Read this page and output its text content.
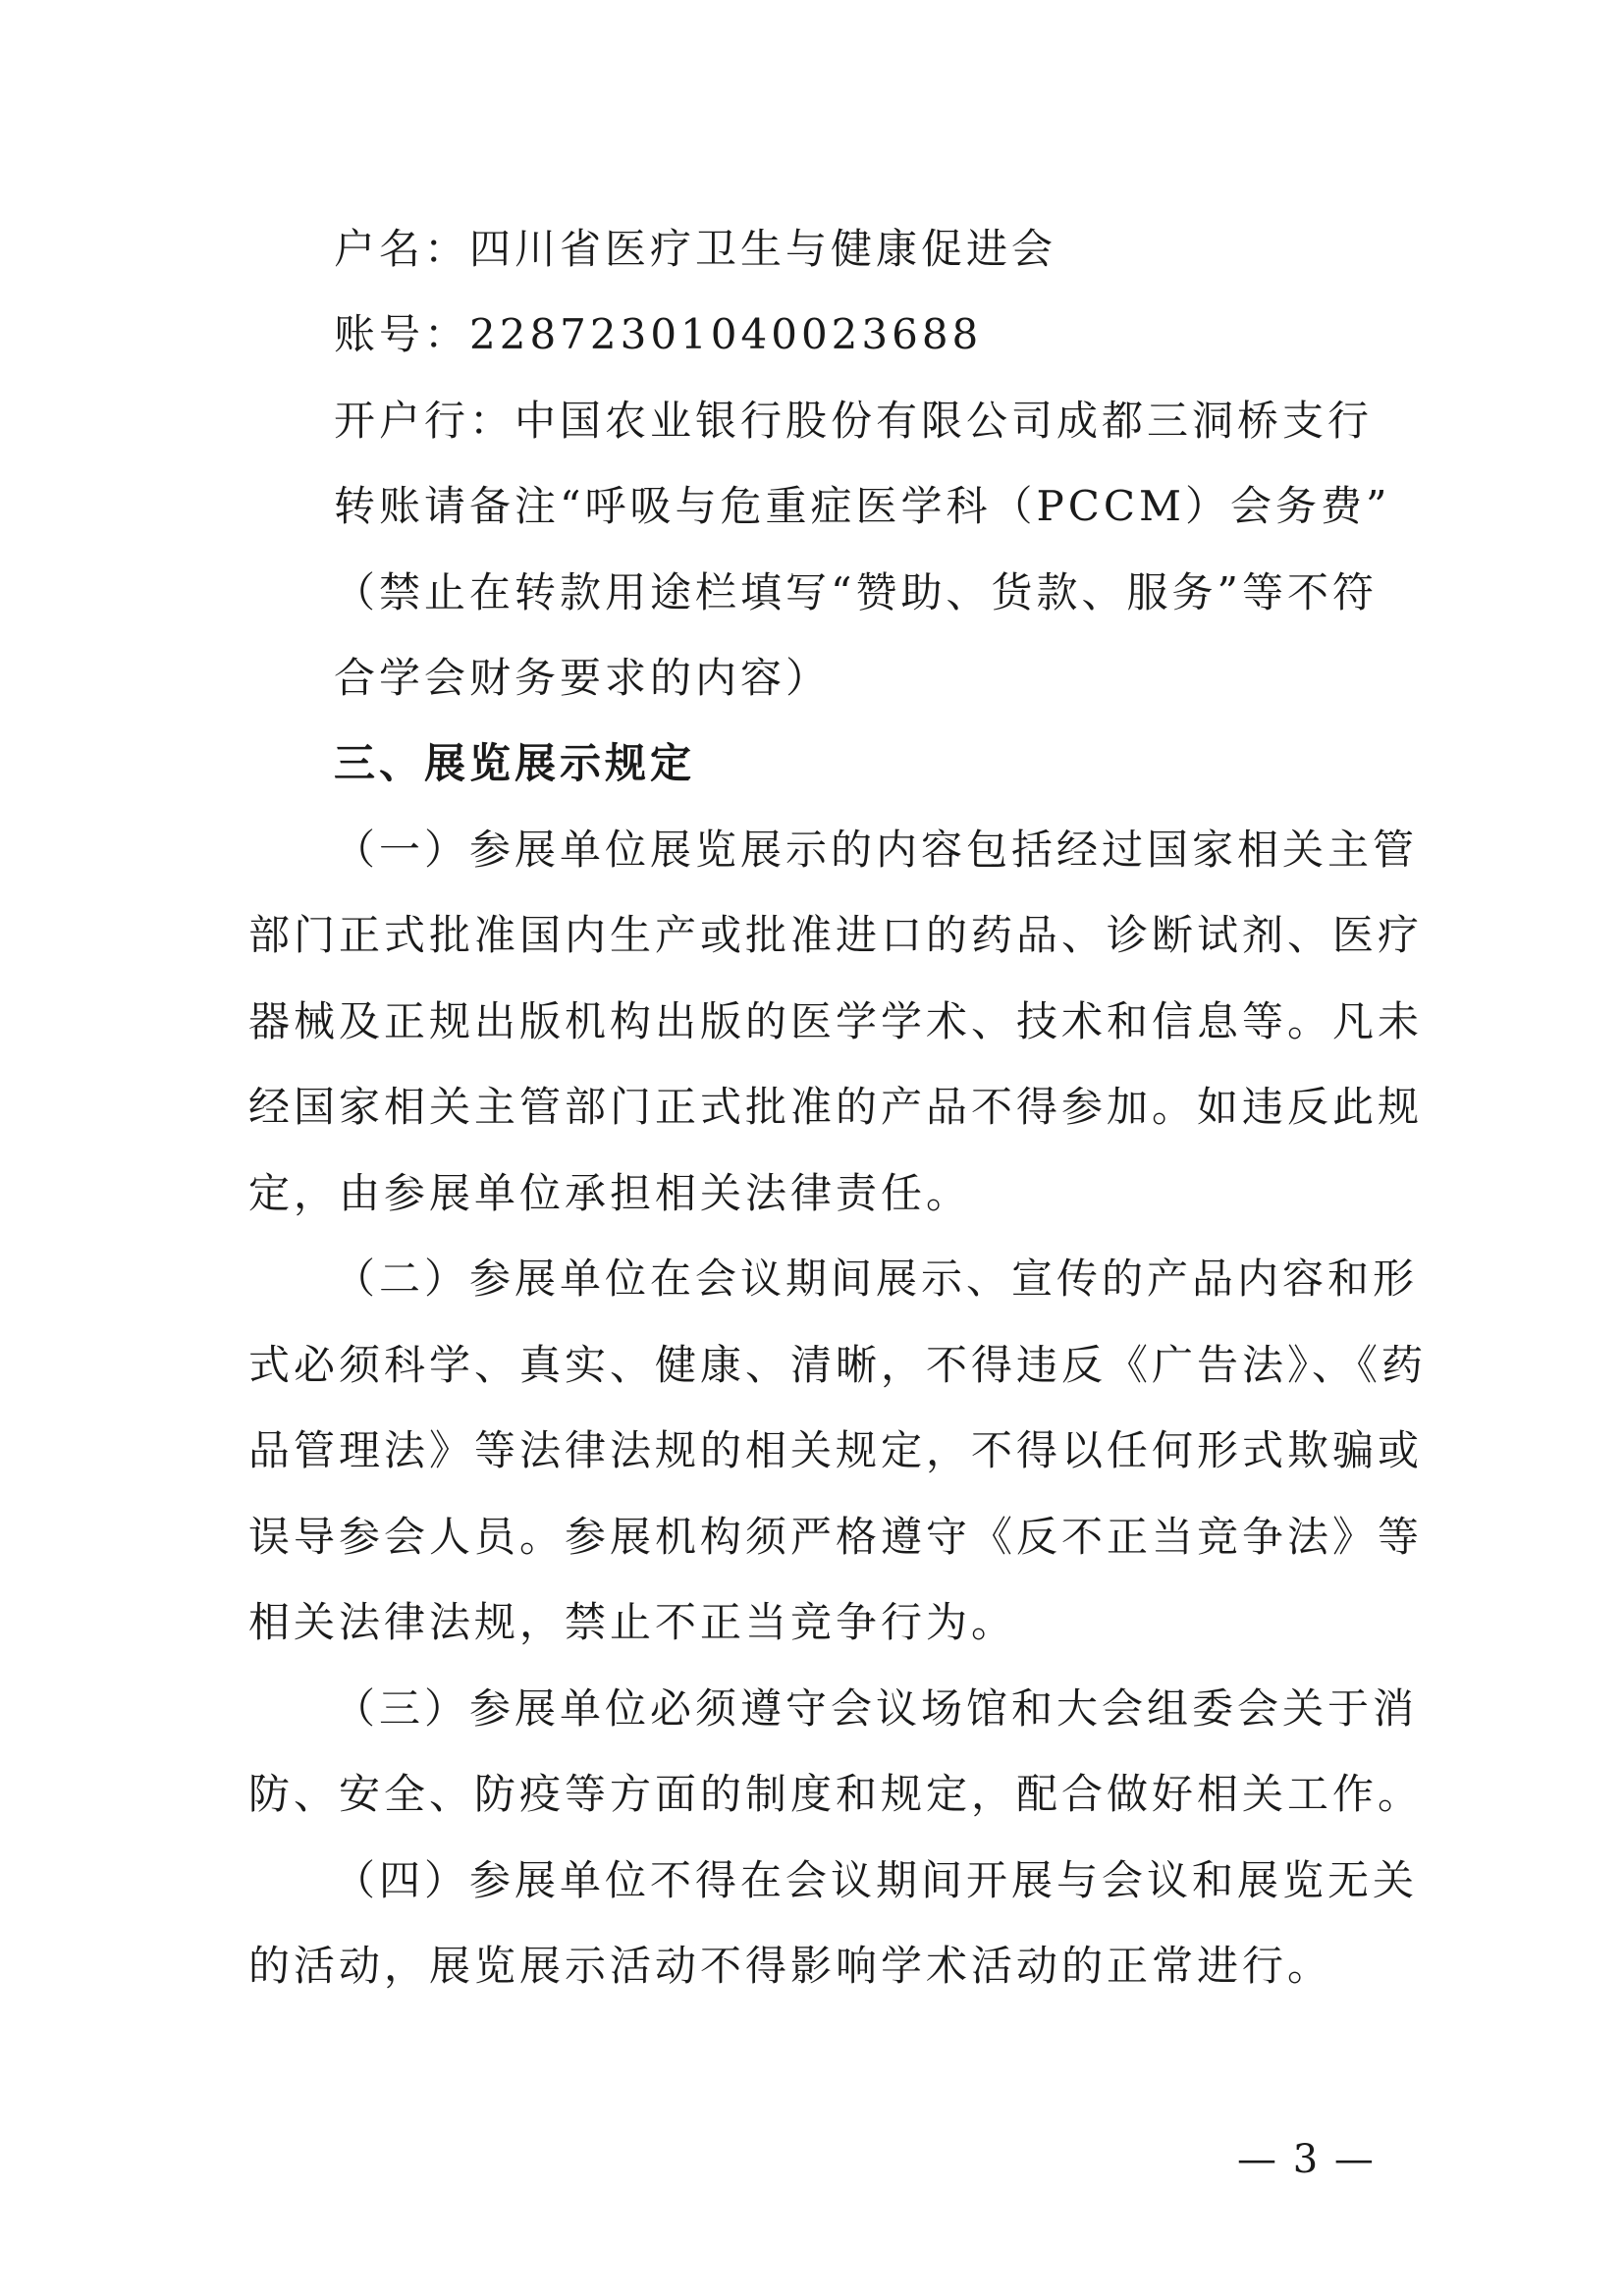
户名：四川省医疗卫生与健康促进会
账号：22872301040023688
开户行：中国农业银行股份有限公司成都三洞桥支行
转账请备注“呼吸与危重症医学科（PCCM）会务费”
（禁止在转款用途栏填写“赞助、货款、服务”等不符
合学会财务要求的内容）
三、展览展示规定
（一）参展单位展览展示的内容包括经过国家相关主管
部门正式批准国内生产或批准进口的药品、诊断试剂、医疗
器械及正规出版机构出版的医学学术、技术和信息等。凡未
经国家相关主管部门正式批准的产品不得参加。如违反此规
定，由参展单位承担相关法律责任。
（二）参展单位在会议期间展示、宣传的产品内容和形
式必须科学、真实、健康、清晰，不得违反《广告法》、《药
品管理法》等法律法规的相关规定，不得以任何形式欺骗或
误导参会人员。参展机构须严格遵守《反不正当竞争法》等
相关法律法规，禁止不正当竞争行为。
（三）参展单位必须遵守会议场馆和大会组委会关于消
防、安全、防疫等方面的制度和规定，配合做好相关工作。
（四）参展单位不得在会议期间开展与会议和展览无关
的活动，展览展示活动不得影响学术活动的正常进行。
— 3 —
